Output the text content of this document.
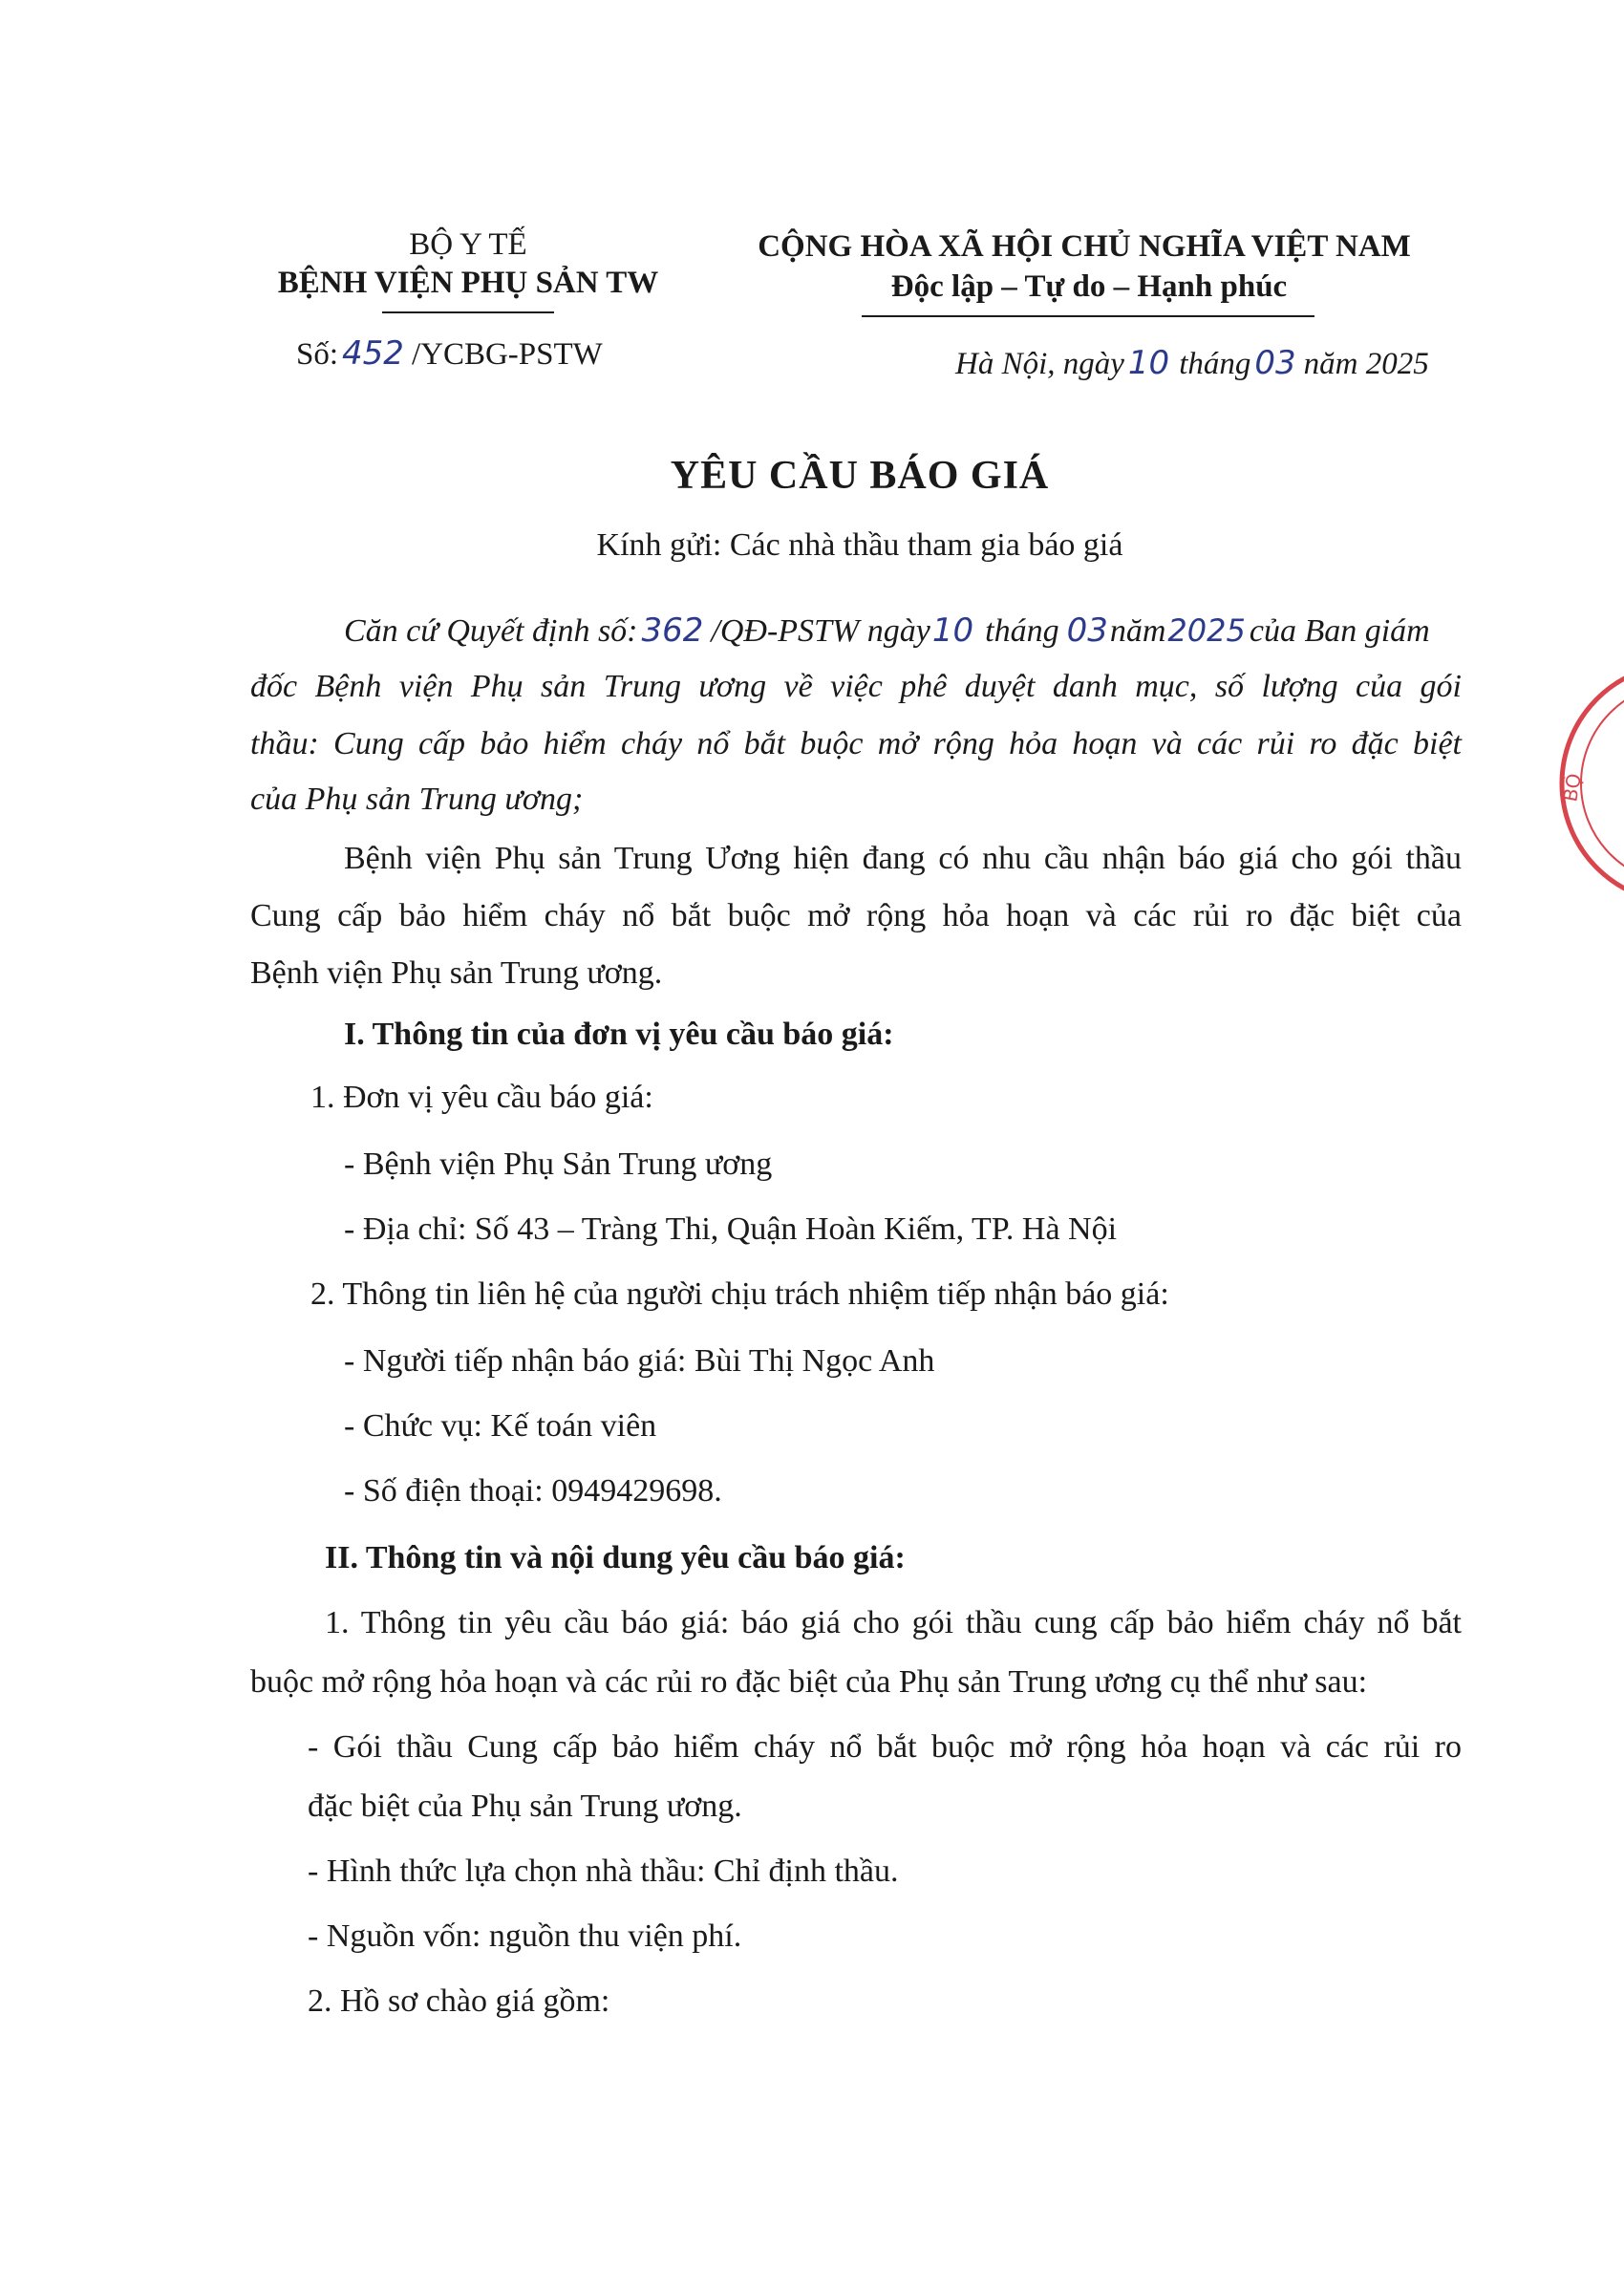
BỘ Y TẾ
BỆNH VIỆN PHỤ SẢN TW
Số: 452 /YCBG-PSTW
CỘNG HÒA XÃ HỘI CHỦ NGHĨA VIỆT NAM
Độc lập – Tự do – Hạnh phúc
Hà Nội, ngày 10 tháng 03 năm 2025
YÊU CẦU BÁO GIÁ
Kính gửi: Các nhà thầu tham gia báo giá
Căn cứ Quyết định số: 362 /QĐ-PSTW ngày10 tháng 03năm2025 của Ban giám
đốc Bệnh viện Phụ sản Trung ương về việc phê duyệt danh mục, số lượng của gói
thầu: Cung cấp bảo hiểm cháy nổ bắt buộc mở rộng hỏa hoạn và các rủi ro đặc biệt
của Phụ sản Trung ương;
Bệnh viện Phụ sản Trung Ương hiện đang có nhu cầu nhận báo giá cho gói thầu
Cung cấp bảo hiểm cháy nổ bắt buộc mở rộng hỏa hoạn và các rủi ro đặc biệt của
Bệnh viện Phụ sản Trung ương.
I. Thông tin của đơn vị yêu cầu báo giá:
1. Đơn vị yêu cầu báo giá:
- Bệnh viện Phụ Sản Trung ương
- Địa chỉ: Số 43 – Tràng Thi, Quận Hoàn Kiếm, TP. Hà Nội
2. Thông tin liên hệ của người chịu trách nhiệm tiếp nhận báo giá:
- Người tiếp nhận báo giá: Bùi Thị Ngọc Anh
- Chức vụ: Kế toán viên
- Số điện thoại: 0949429698.
II. Thông tin và nội dung yêu cầu báo giá:
1. Thông tin yêu cầu báo giá: báo giá cho gói thầu cung cấp bảo hiểm cháy nổ bắt
buộc mở rộng hỏa hoạn và các rủi ro đặc biệt của Phụ sản Trung ương cụ thể như sau:
- Gói thầu Cung cấp bảo hiểm cháy nổ bắt buộc mở rộng hỏa hoạn và các rủi ro
đặc biệt của Phụ sản Trung ương.
- Hình thức lựa chọn nhà thầu: Chỉ định thầu.
- Nguồn vốn: nguồn thu viện phí.
2. Hồ sơ chào giá gồm:
BỘ
